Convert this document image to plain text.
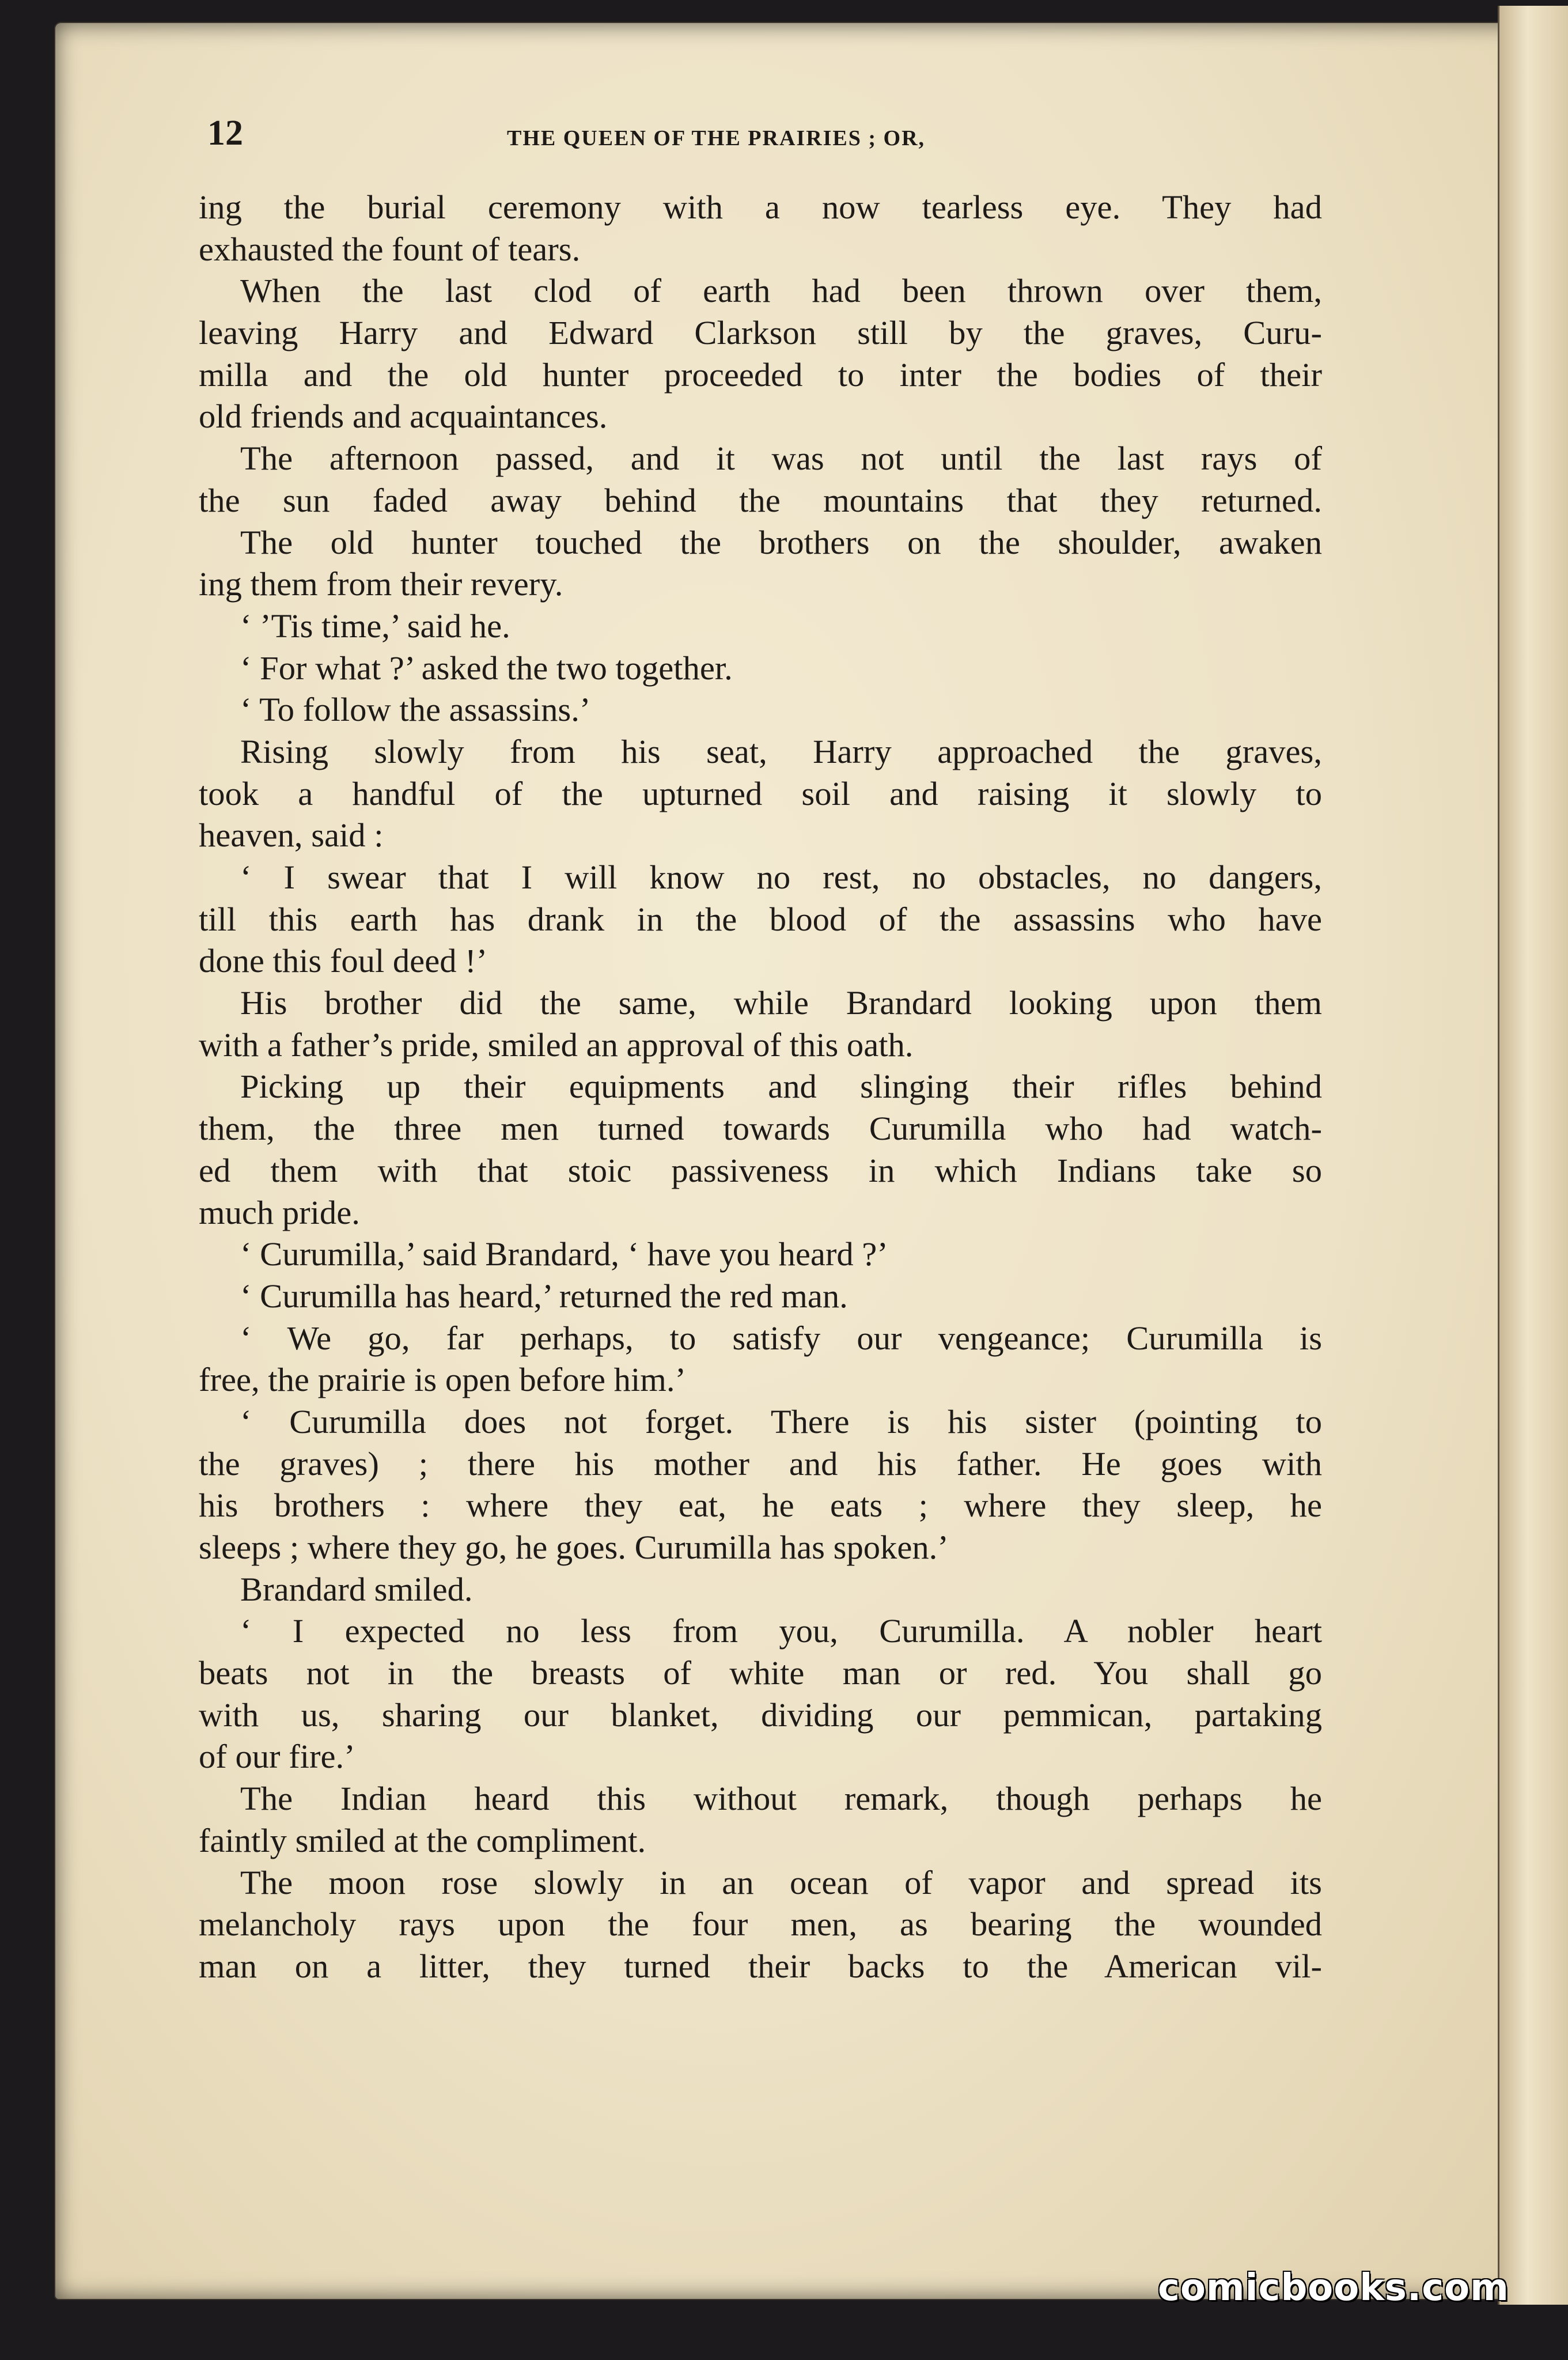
12	THE QUEEN OF THE PRAIRIES ; OR,
ing the burial ceremony with a now tearless eye. They had
exhausted the fount of tears.
When the last clod of earth had been thrown over them,
leaving Harry and Edward Clarkson still by the graves, Curu-
milla and the old hunter proceeded to inter the bodies of their
old friends and acquaintances.
The afternoon passed, and it was not until the last rays of
the sun faded away behind the mountains that they returned.
The old hunter touched the brothers on the shoulder, awaken
ing them from their revery.
‘ ’Tis time,’ said he.
‘ For what ?’ asked the two together.
‘ To follow the assassins.’
Rising slowly from his seat, Harry approached the graves,
took a handful of the upturned soil and raising it slowly to
heaven, said :
‘ I swear that I will know no rest, no obstacles, no dangers,
till this earth has drank in the blood of the assassins who have
done this foul deed !’
His brother did the same, while Brandard looking upon them
with a father’s pride, smiled an approval of this oath.
Picking up their equipments and slinging their rifles behind
them, the three men turned towards Curumilla who had watch-
ed them with that stoic passiveness in which Indians take so
much pride.
‘ Curumilla,’ said Brandard, ‘ have you heard ?’
‘ Curumilla has heard,’ returned the red man.
‘ We go, far perhaps, to satisfy our vengeance; Curumilla is
free, the prairie is open before him.’
‘ Curumilla does not forget. There is his sister (pointing to
the graves) ; there his mother and his father. He goes with
his brothers : where they eat, he eats ; where they sleep, he
sleeps ; where they go, he goes. Curumilla has spoken.’
Brandard smiled.
‘ I expected no less from you, Curumilla. A nobler heart
beats not in the breasts of white man or red. You shall go
with us, sharing our blanket, dividing our pemmican, partaking
of our fire.’
The Indian heard this without remark, though perhaps he
faintly smiled at the compliment.
The moon rose slowly in an ocean of vapor and spread its
melancholy rays upon the four men, as bearing the wounded
man on a litter, they turned their backs to the American vil-
comicbooks.com
